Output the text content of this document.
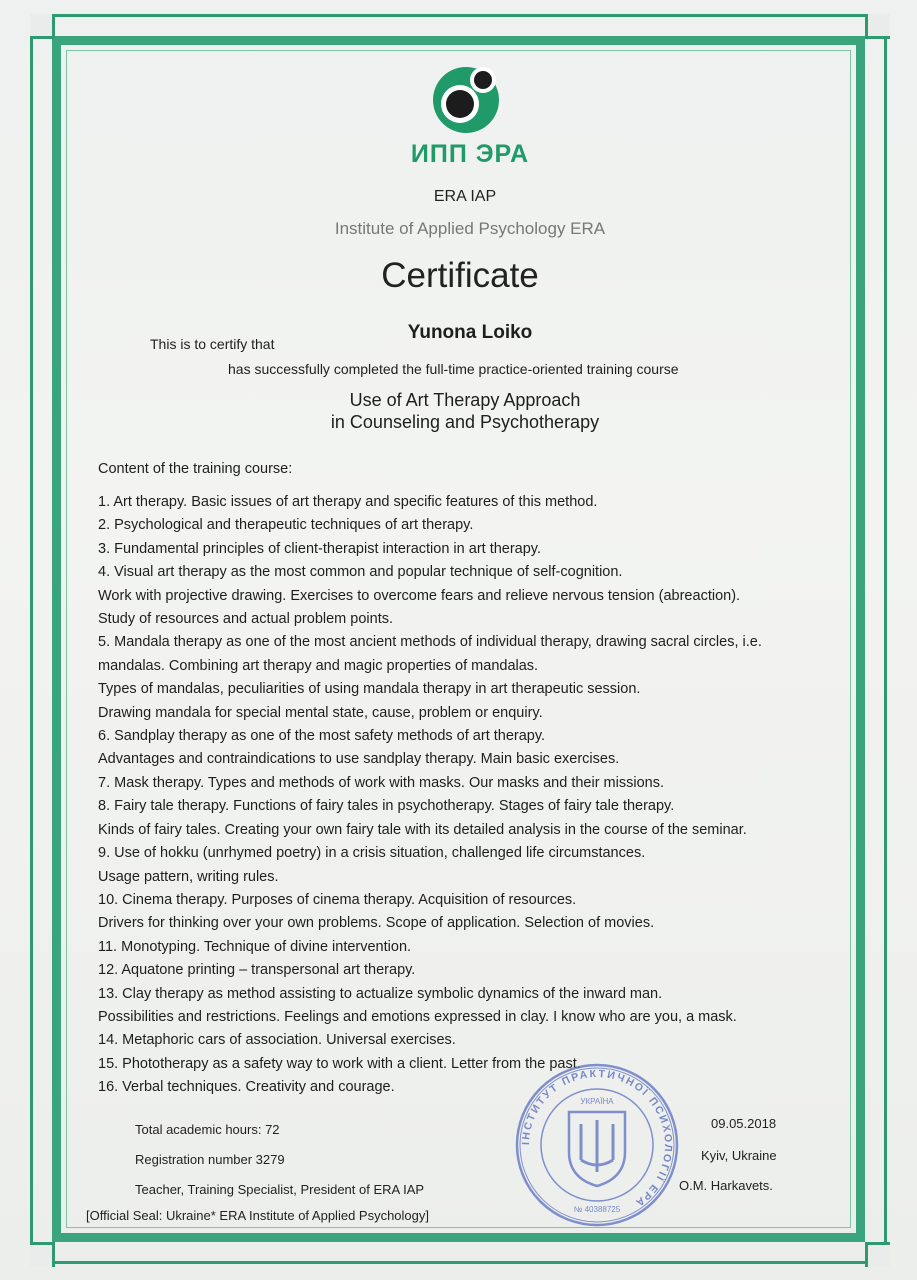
ИПП ЭРА
ERA IAP
Institute of Applied Psychology ERA
Certificate
This is to certify that
Yunona Loiko
has successfully completed the full-time practice-oriented training course
Use of Art Therapy Approach
in Counseling and Psychotherapy
Content of the training course:
1. Art therapy. Basic issues of art therapy and specific features of this method.
2. Psychological and therapeutic techniques of art therapy.
3. Fundamental principles of client-therapist interaction in art therapy.
4. Visual art therapy as the most common and popular technique of self-cognition.
Work with projective drawing. Exercises to overcome fears and relieve nervous tension (abreaction).
Study of resources and actual problem points.
5. Mandala therapy as one of the most ancient methods of individual therapy, drawing sacral circles, i.e.
mandalas. Combining art therapy and magic properties of mandalas.
Types of mandalas, peculiarities of using mandala therapy in art therapeutic session.
Drawing mandala for special mental state, cause, problem or enquiry.
6. Sandplay therapy as one of the most safety methods of art therapy.
Advantages and contraindications to use sandplay therapy. Main basic exercises.
7. Mask therapy. Types and methods of work with masks. Our masks and their missions.
8. Fairy tale therapy. Functions of fairy tales in psychotherapy. Stages of fairy tale therapy.
Kinds of fairy tales. Creating your own fairy tale with its detailed analysis in the course of the seminar.
9. Use of hokku (unrhymed poetry) in a crisis situation, challenged life circumstances.
Usage pattern, writing rules.
10. Cinema therapy. Purposes of cinema therapy. Acquisition of resources.
Drivers for thinking over your own problems. Scope of application. Selection of movies.
11. Monotyping. Technique of divine intervention.
12. Aquatone printing – transpersonal art therapy.
13. Clay therapy as method assisting to actualize symbolic dynamics of the inward man.
Possibilities and restrictions. Feelings and emotions expressed in clay. I know who are you, a mask.
14. Metaphoric cars of association. Universal exercises.
15. Phototherapy as a safety way to work with a client. Letter from the past.
16. Verbal techniques. Creativity and courage.
Total academic hours: 72
Registration number 3279
Teacher, Training Specialist, President of ERA IAP
[Official Seal: Ukraine* ERA Institute of Applied Psychology]
09.05.2018
Kyiv, Ukraine
O.M. Harkavets.
ІНСТИТУТ ПРАКТИЧНОЇ ПСИХОЛОГІЇ ЕРА
УКРАЇНА
№ 40388725
